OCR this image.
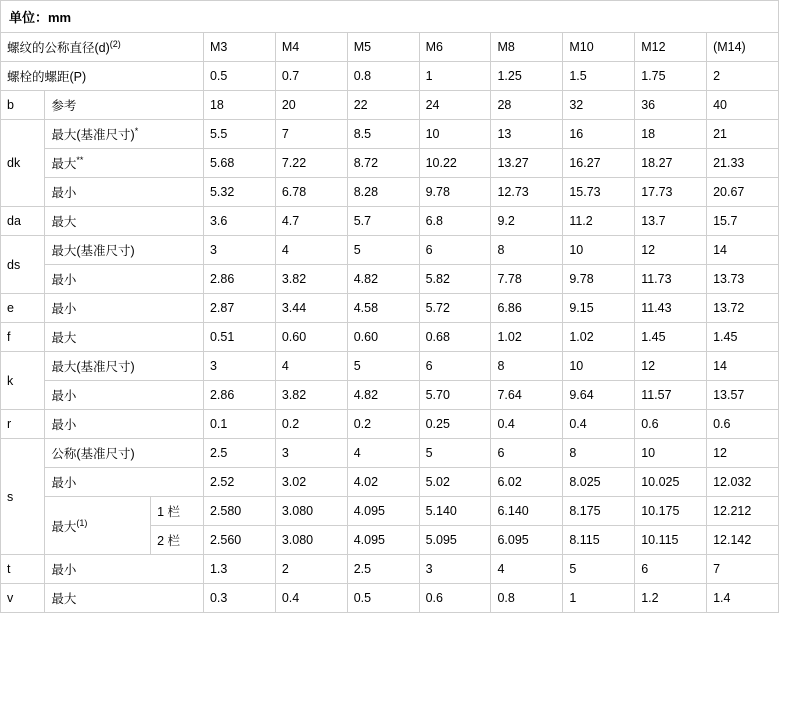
单位：mm
螺纹的公称直径$(d)^{(2)}$			M3	M4	M5	M6	M8	M10	M12	(M14)
螺栓的螺距(P)			0.5	0.7	0.8	1	1.25	1.5	1.75	2
b	参考		18	20	22	24	28	32	36	40
dk	最大(基准尺寸)*		5.5	7	8.5	10	13	16	18	21
	最大**		5.68	7.22	8.72	10.22	13.27	16.27	18.27	21.33
	最小		5.32	6.78	8.28	9.78	12.73	15.73	17.73	20.67
da	最大		3.6	4.7	5.7	6.8	9.2	11.2	13.7	15.7
ds	最大(基准尺寸)		3	4	5	6	8	10	12	14
	最小		2.86	3.82	4.82	5.82	7.78	9.78	11.73	13.73
e	最小		2.87	3.44	4.58	5.72	6.86	9.15	11.43	13.72
f	最大		0.51	0.60	0.60	0.68	1.02	1.02	1.45	1.45
k	最大(基准尺寸)		3	4	5	6	8	10	12	14
	最小		2.86	3.82	4.82	5.70	7.64	9.64	11.57	13.57
r	最小		0.1	0.2	0.2	0.25	0.4	0.4	0.6	0.6
s	公称(基准尺寸)		2.5	3	4	5	6	8	10	12
	最小		2.52	3.02	4.02	5.02	6.02	8.025	10.025	12.032
	最大$^{(1)}$	1 栏	2.580	3.080	4.095	5.140	6.140	8.175	10.175	12.212
		2 栏	2.560	3.080	4.095	5.095	6.095	8.115	10.115	12.142
t	最小		1.3	2	2.5	3	4	5	6	7
v	最大		0.3	0.4	0.5	0.6	0.8	1	1.2	1.4
